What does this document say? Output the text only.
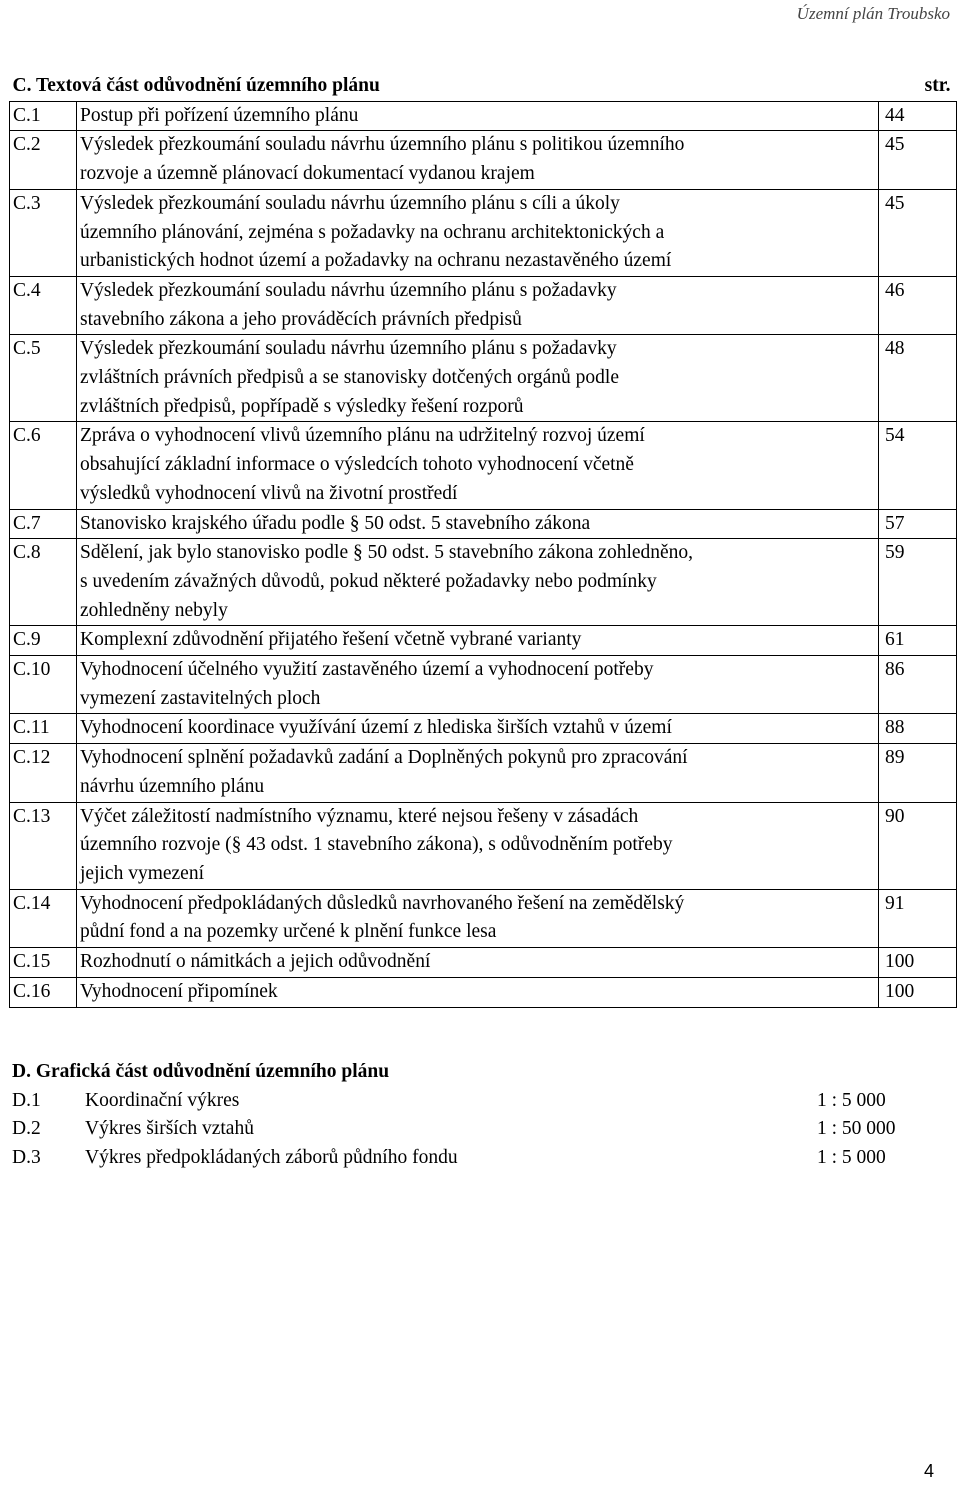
Územní plán Troubsko
C. Textová část odůvodnění územního plánu		str.
C.1	Postup při pořízení územního plánu	44
C.2	Výsledek přezkoumání souladu návrhu územního plánu s politikou územního
rozvoje a územně plánovací dokumentací vydanou krajem	45
C.3	Výsledek přezkoumání souladu návrhu územního plánu s cíli a úkoly
územního plánování, zejména s požadavky na ochranu architektonických a
urbanistických hodnot území a požadavky na ochranu nezastavěného území	45
C.4	Výsledek přezkoumání souladu návrhu územního plánu s požadavky
stavebního zákona a jeho prováděcích právních předpisů	46
C.5	Výsledek přezkoumání souladu návrhu územního plánu s požadavky
zvláštních právních předpisů a se stanovisky dotčených orgánů podle
zvláštních předpisů, popřípadě s výsledky řešení rozporů	48
C.6	Zpráva o vyhodnocení vlivů územního plánu na udržitelný rozvoj území
obsahující základní informace o výsledcích tohoto vyhodnocení včetně
výsledků vyhodnocení vlivů na životní prostředí	54
C.7	Stanovisko krajského úřadu podle § 50 odst. 5 stavebního zákona	57
C.8	Sdělení, jak bylo stanovisko podle § 50 odst. 5 stavebního zákona zohledněno,
s uvedením závažných důvodů, pokud některé požadavky nebo podmínky
zohledněny nebyly	59
C.9	Komplexní zdůvodnění přijatého řešení včetně vybrané varianty	61
C.10	Vyhodnocení účelného využití zastavěného území a vyhodnocení potřeby
vymezení zastavitelných ploch	86
C.11	Vyhodnocení koordinace využívání území z hlediska širších vztahů v území	88
C.12	Vyhodnocení splnění požadavků zadání a Doplněných pokynů pro zpracování
návrhu územního plánu	89
C.13	Výčet záležitostí nadmístního významu, které nejsou řešeny v zásadách
územního rozvoje (§ 43 odst. 1 stavebního zákona), s odůvodněním potřeby
jejich vymezení	90
C.14	Vyhodnocení předpokládaných důsledků navrhovaného řešení na zemědělský
půdní fond a na pozemky určené k plnění funkce lesa	91
C.15	Rozhodnutí o námitkách a jejich odůvodnění	100
C.16	Vyhodnocení připomínek	100
D. Grafická část odůvodnění územního plánu
D.1 Koordinační výkres	1 : 5 000
D.2 Výkres širších vztahů	1 : 50 000
D.3 Výkres předpokládaných záborů půdního fondu	1 : 5 000
4
